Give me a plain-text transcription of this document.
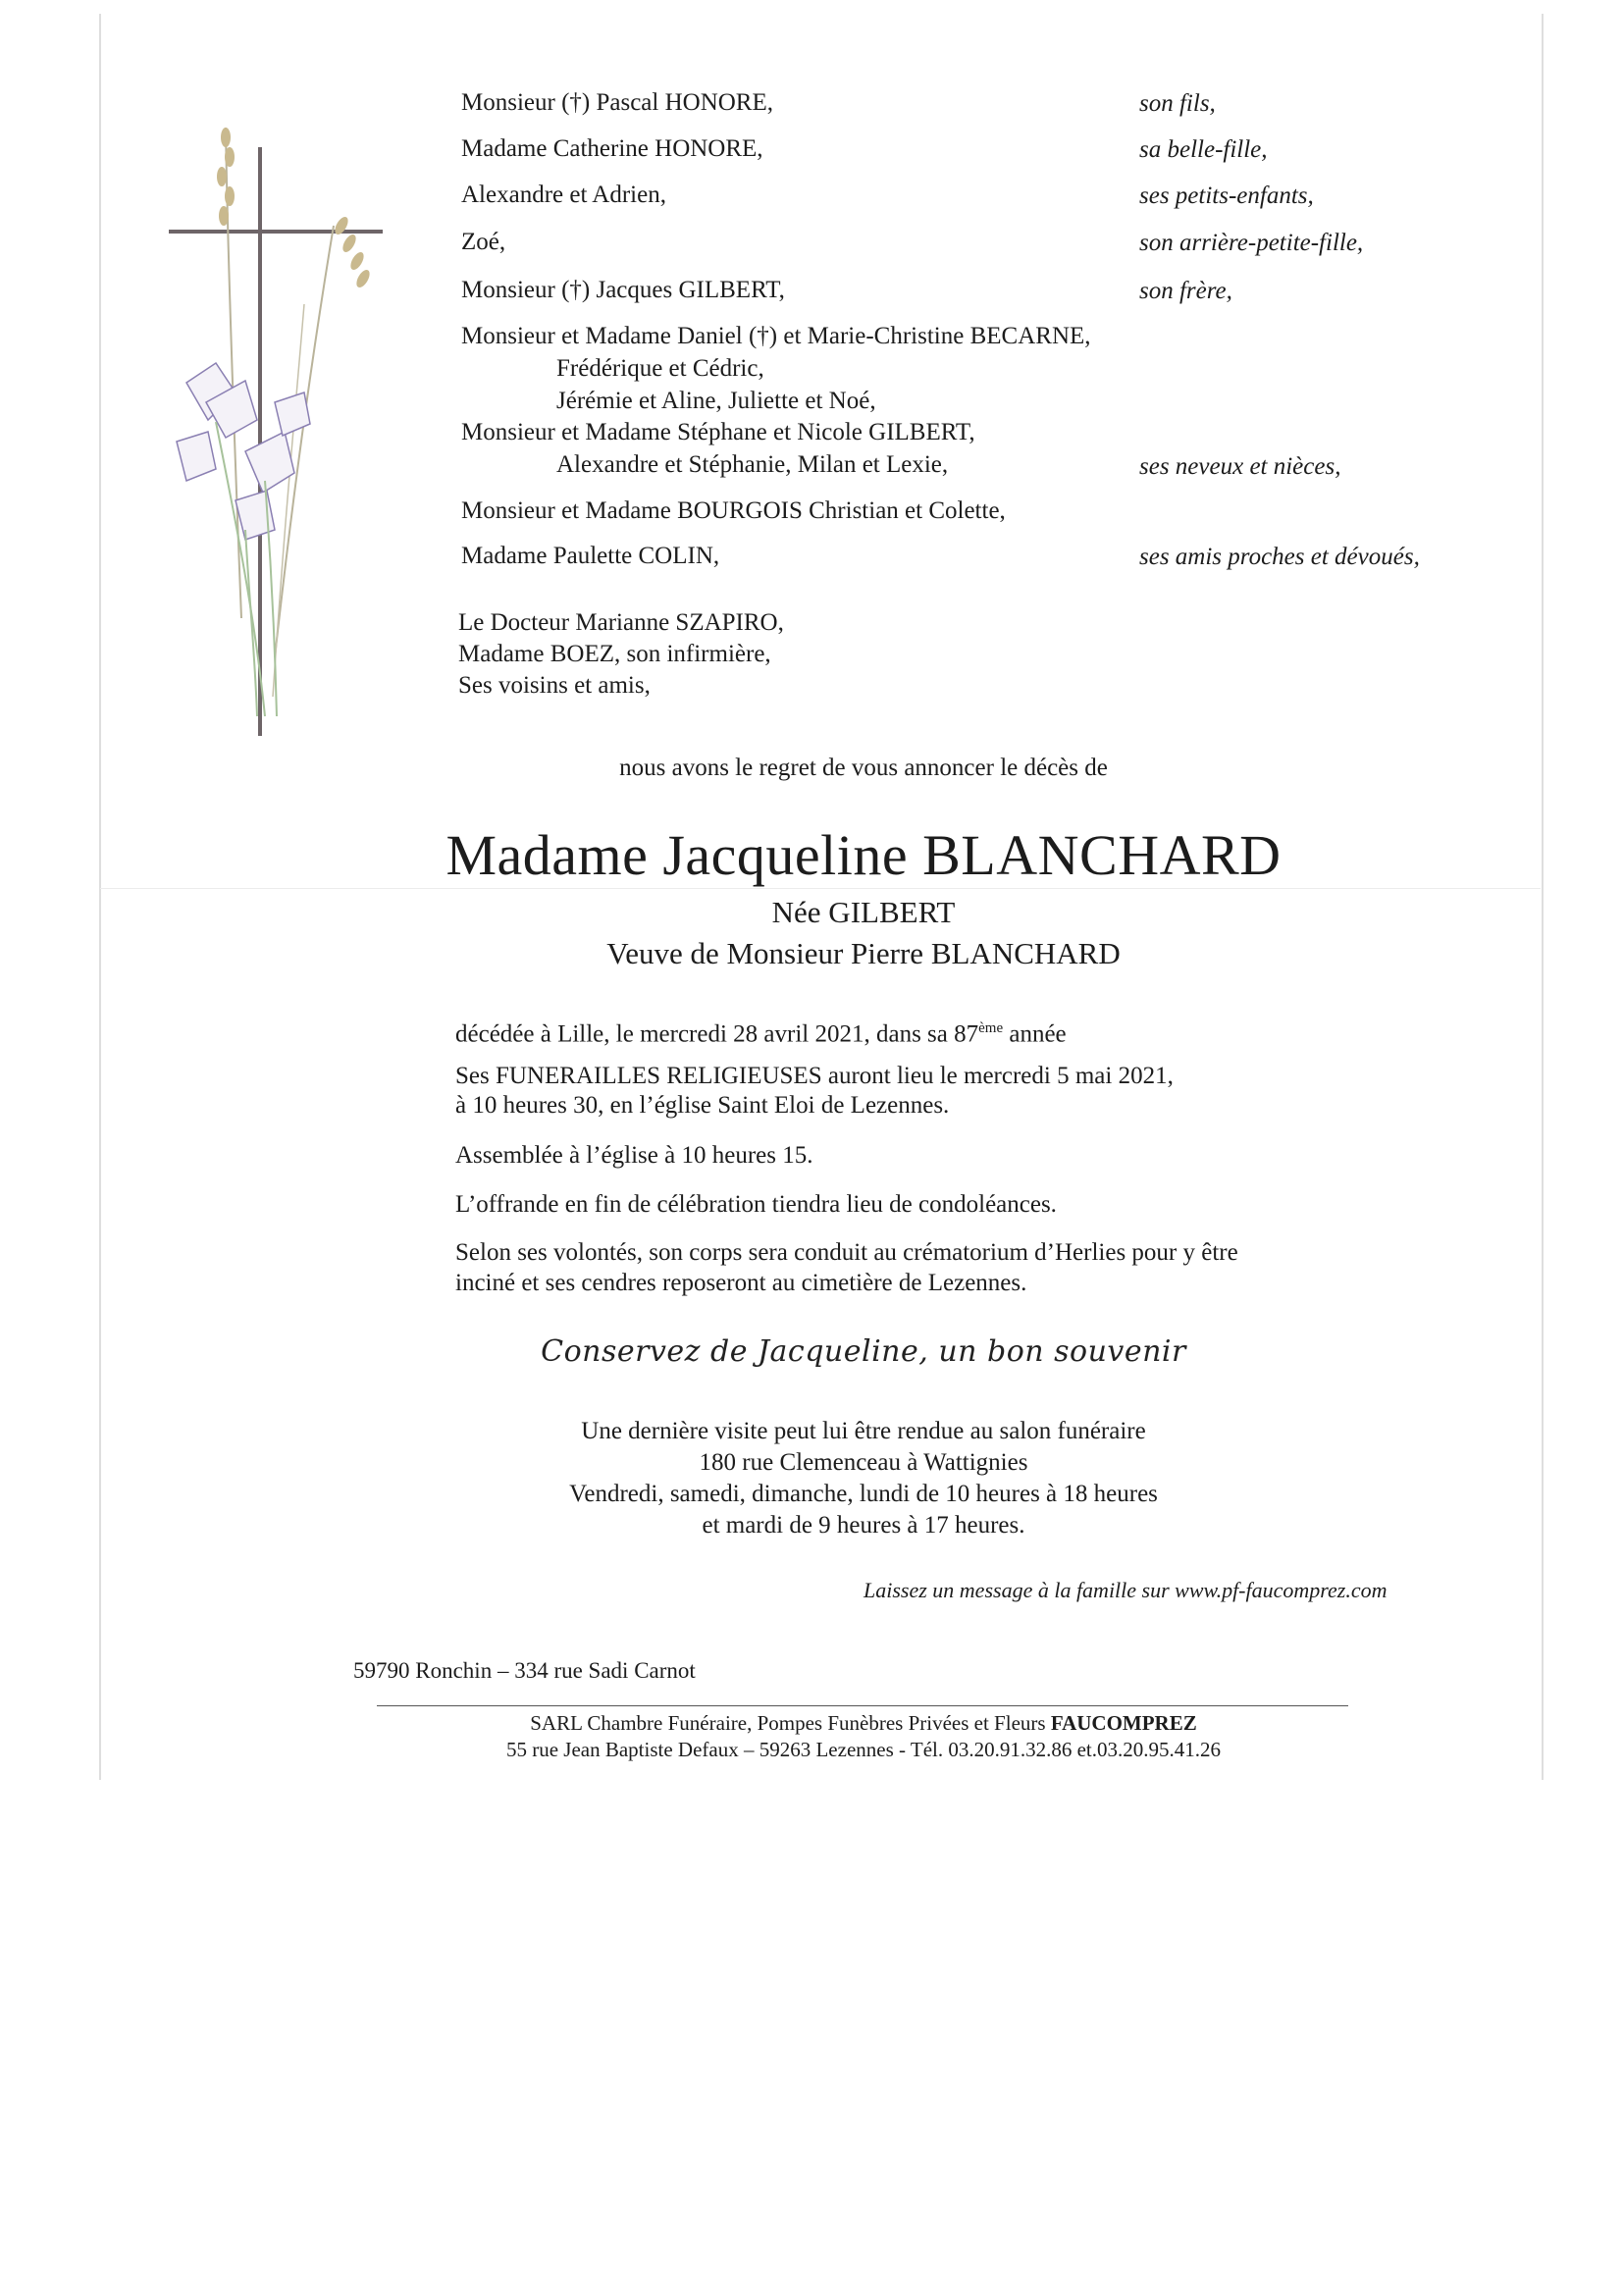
Monsieur (†) Pascal HONORE,	son fils,
Madame Catherine HONORE,	sa belle-fille,
Alexandre et Adrien,	ses petits-enfants,
Zoé,	son arrière-petite-fille,
Monsieur (†) Jacques GILBERT,	son frère,
Monsieur et Madame Daniel (†) et Marie-Christine BECARNE,
Frédérique et Cédric,
Jérémie et Aline, Juliette et Noé,
Monsieur et Madame Stéphane et Nicole GILBERT,
Alexandre et Stéphanie, Milan et Lexie,	ses neveux et nièces,
Monsieur et Madame BOURGOIS Christian et Colette,
Madame Paulette COLIN,	ses amis proches et dévoués,
Le Docteur Marianne SZAPIRO,
Madame BOEZ, son infirmière,
Ses voisins et amis,
nous avons le regret de vous annoncer le décès de
Madame Jacqueline BLANCHARD
Née GILBERT
Veuve de Monsieur Pierre BLANCHARD
décédée à Lille, le mercredi 28 avril 2021, dans sa 87ème année
Ses FUNERAILLES RELIGIEUSES auront lieu le mercredi 5 mai 2021,
à 10 heures 30, en l’église Saint Eloi de Lezennes.
Assemblée à l’église à 10 heures 15.
L’offrande en fin de célébration tiendra lieu de condoléances.
Selon ses volontés, son corps sera conduit au crématorium d’Herlies pour y être
inciné et ses cendres reposeront au cimetière de Lezennes.
Conservez de Jacqueline, un bon souvenir
Une dernière visite peut lui être rendue au salon funéraire
180 rue Clemenceau à Wattignies
Vendredi, samedi, dimanche, lundi de 10 heures à 18 heures
et mardi de 9 heures à 17 heures.
Laissez un message à la famille sur www.pf-faucomprez.com
59790 Ronchin – 334 rue Sadi Carnot
SARL Chambre Funéraire, Pompes Funèbres Privées et Fleurs FAUCOMPREZ
55 rue Jean Baptiste Defaux – 59263 Lezennes - Tél. 03.20.91.32.86 et.03.20.95.41.26
